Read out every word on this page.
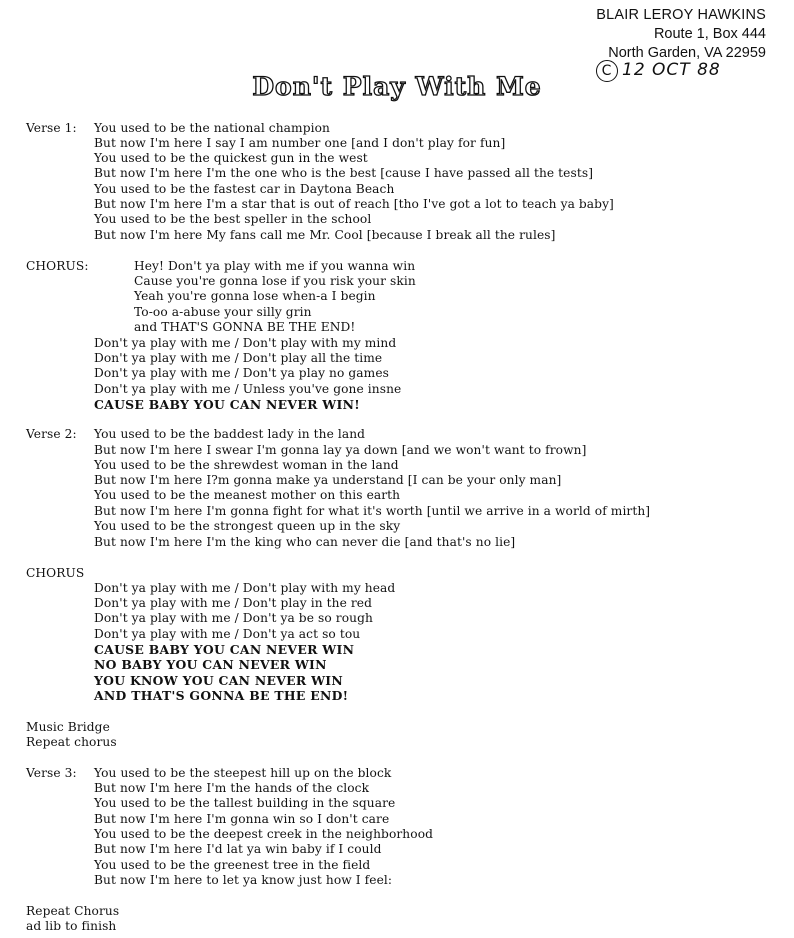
BLAIR LEROY HAWKINS
Route 1, Box 444
North Garden, VA 22959
C 12 OCT 88
Don't Play With Me
Verse 1: You used to be the national champion
But now I'm here I say I am number one [and I don't play for fun]
You used to be the quickest gun in the west
But now I'm here I'm the one who is the best [cause I have passed all the tests]
You used to be the fastest car in Daytona Beach
But now I'm here I'm a star that is out of reach [tho I've got a lot to teach ya baby]
You used to be the best speller in the school
But now I'm here My fans call me Mr. Cool [because I break all the rules]
CHORUS:	Hey! Don't ya play with me if you wanna win
Cause you're gonna lose if you risk your skin
Yeah you're gonna lose when-a I begin
To-oo a-abuse your silly grin
and THAT'S GONNA BE THE END!
Don't ya play with me / Don't play with my mind
Don't ya play with me / Don't play all the time
Don't ya play with me / Don't ya play no games
Don't ya play with me / Unless you've gone insne
CAUSE BABY YOU CAN NEVER WIN!
Verse 2: You used to be the baddest lady in the land
But now I'm here I swear I'm gonna lay ya down [and we won't want to frown]
You used to be the shrewdest woman in the land
But now I'm here I?m gonna make ya understand [I can be your only man]
You used to be the meanest mother on this earth
But now I'm here I'm gonna fight for what it's worth [until we arrive in a world of mirth]
You used to be the strongest queen up in the sky
But now I'm here I'm the king who can never die [and that's no lie]
CHORUS
Don't ya play with me / Don't play with my head
Don't ya play with me / Don't play in the red
Don't ya play with me / Don't ya be so rough
Don't ya play with me / Don't ya act so tou
CAUSE BABY YOU CAN NEVER WIN
NO BABY YOU CAN NEVER WIN
YOU KNOW YOU CAN NEVER WIN
AND THAT'S GONNA BE THE END!
Music Bridge
Repeat chorus
Verse 3: You used to be the steepest hill up on the block
But now I'm here I'm the hands of the clock
You used to be the tallest building in the square
But now I'm here I'm gonna win so I don't care
You used to be the deepest creek in the neighborhood
But now I'm here I'd lat ya win baby if I could
You used to be the greenest tree in the field
But now I'm here to let ya know just how I feel:
Repeat Chorus
ad lib to finish
